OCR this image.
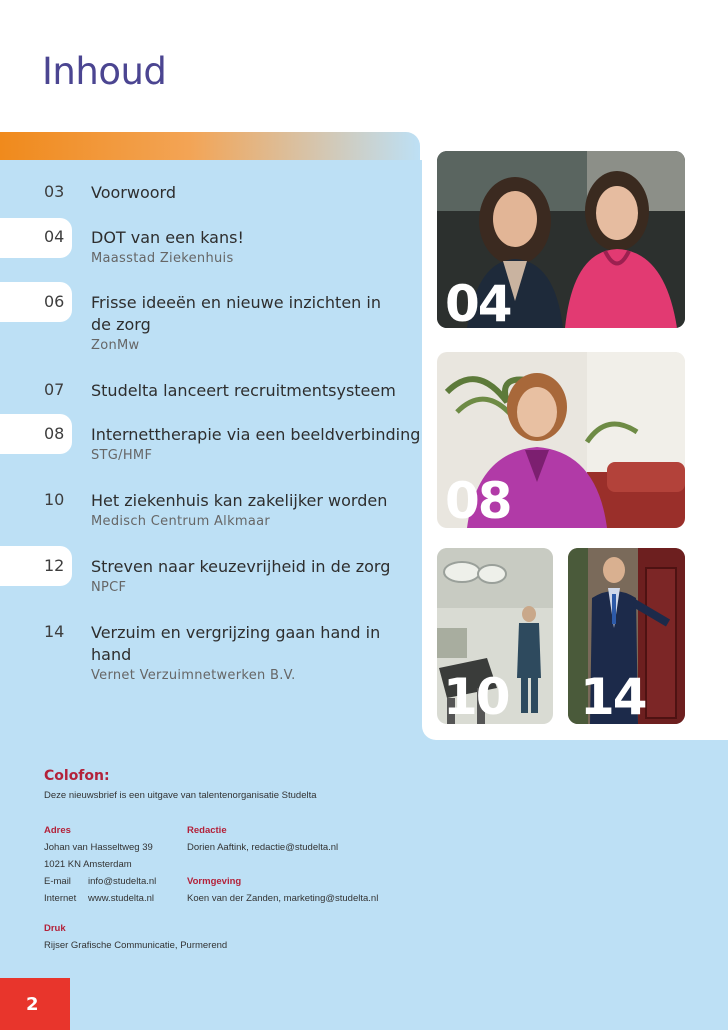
Inhoud
03 Voorwoord
04 DOT van een kans!
Maasstad Ziekenhuis
06 Frisse ideeën en nieuwe inzichten in de zorg
ZonMw
07 Studelta lanceert recruitmentsysteem
08 Internettherapie via een beeldverbinding
STG/HMF
10 Het ziekenhuis kan zakelijker worden
Medisch Centrum Alkmaar
12 Streven naar keuzevrijheid in de zorg
NPCF
14 Verzuim en vergrijzing gaan hand in hand
Vernet Verzuimnetwerken B.V.
04
08
10 14
Colofon:
Deze nieuwsbrief is een uitgave van talentenorganisatie Studelta
Adres
Johan van Hasseltweg 39
1021 KN Amsterdam
E-mail info@studelta.nl
Internet www.studelta.nl
Redactie
Dorien Aaftink, redactie@studelta.nl
Vormgeving
Koen van der Zanden, marketing@studelta.nl
Druk
Rijser Grafische Communicatie, Purmerend
2
